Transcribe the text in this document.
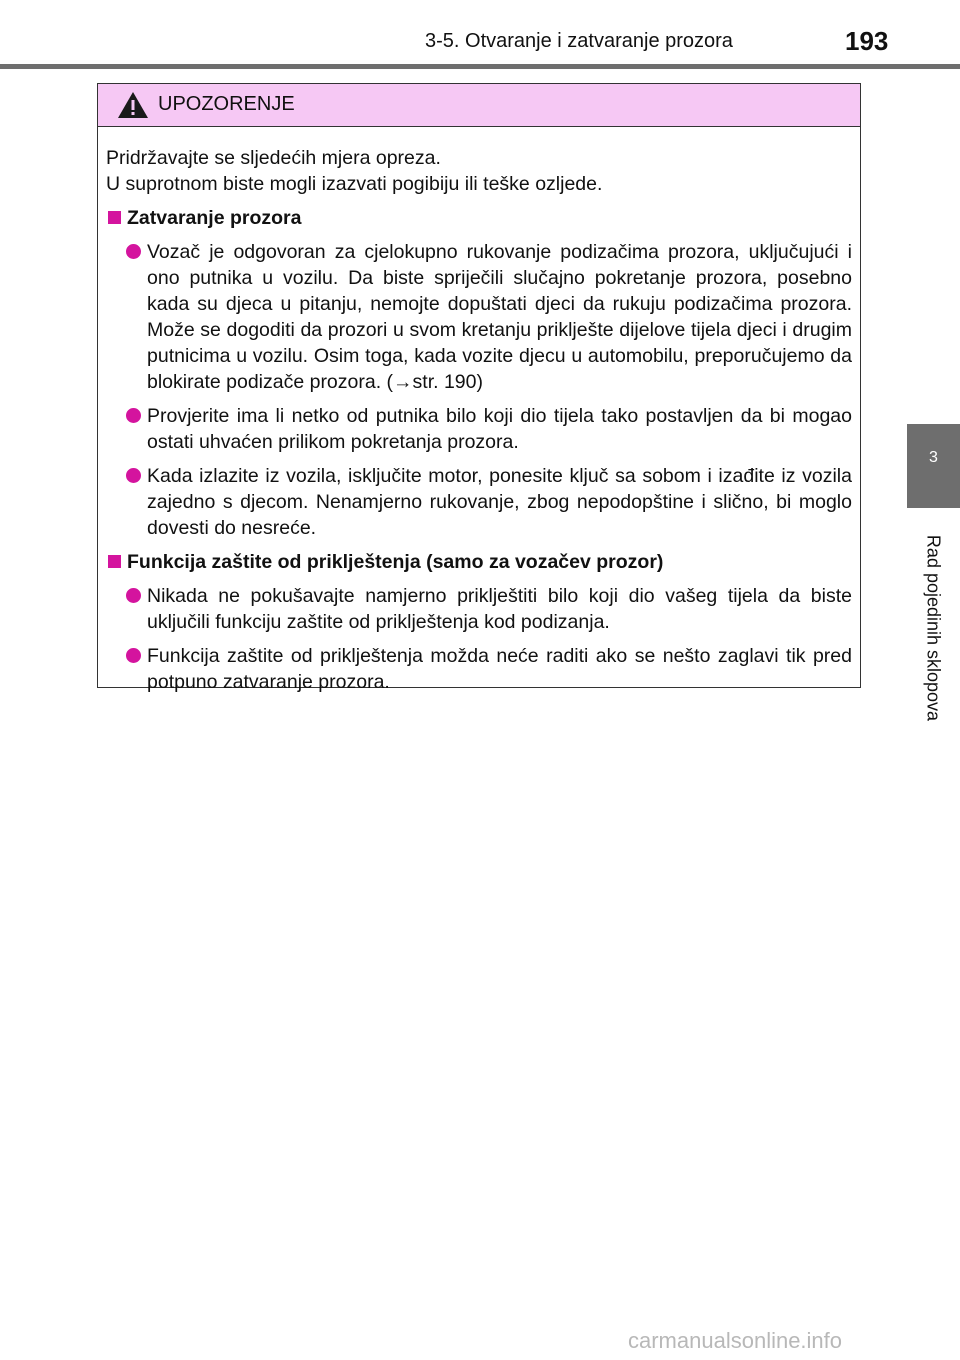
3-5. Otvaranje i zatvaranje prozora	193
3
Rad pojedinih sklopova
UPOZORENJE

Pridržavajte se sljedećih mjera opreza.

U suprotnom biste mogli izazvati pogibiju ili teške ozljede.

Zatvaranje prozora
Vozač je odgovoran za cjelokupno rukovanje podizačima prozora, uključujući i ono putnika u vozilu. Da biste spriječili slučajno pokretanje prozora, posebno kada su djeca u pitanju, nemojte dopuštati djeci da rukuju podizačima prozora. Može se dogoditi da prozori u svom kretanju priklješte dijelove tijela djeci i drugim putnicima u vozilu. Osim toga, kada vozite djecu u automobilu, preporučujemo da blokirate podizače prozora. (→str. 190)
Provjerite ima li netko od putnika bilo koji dio tijela tako postavljen da bi mogao ostati uhvaćen prilikom pokretanja prozora.
Kada izlazite iz vozila, isključite motor, ponesite ključ sa sobom i izađite iz vozila zajedno s djecom. Nenamjerno rukovanje, zbog nepodopštine i slično, bi moglo dovesti do nesreće.
Funkcija zaštite od priklještenja (samo za vozačev prozor)
Nikada ne pokušavajte namjerno priklještiti bilo koji dio vašeg tijela da biste uključili funkciju zaštite od priklještenja kod podizanja.
Funkcija zaštite od priklještenja možda neće raditi ako se nešto zaglavi tik pred potpuno zatvaranje prozora.
carmanualsonline.info
